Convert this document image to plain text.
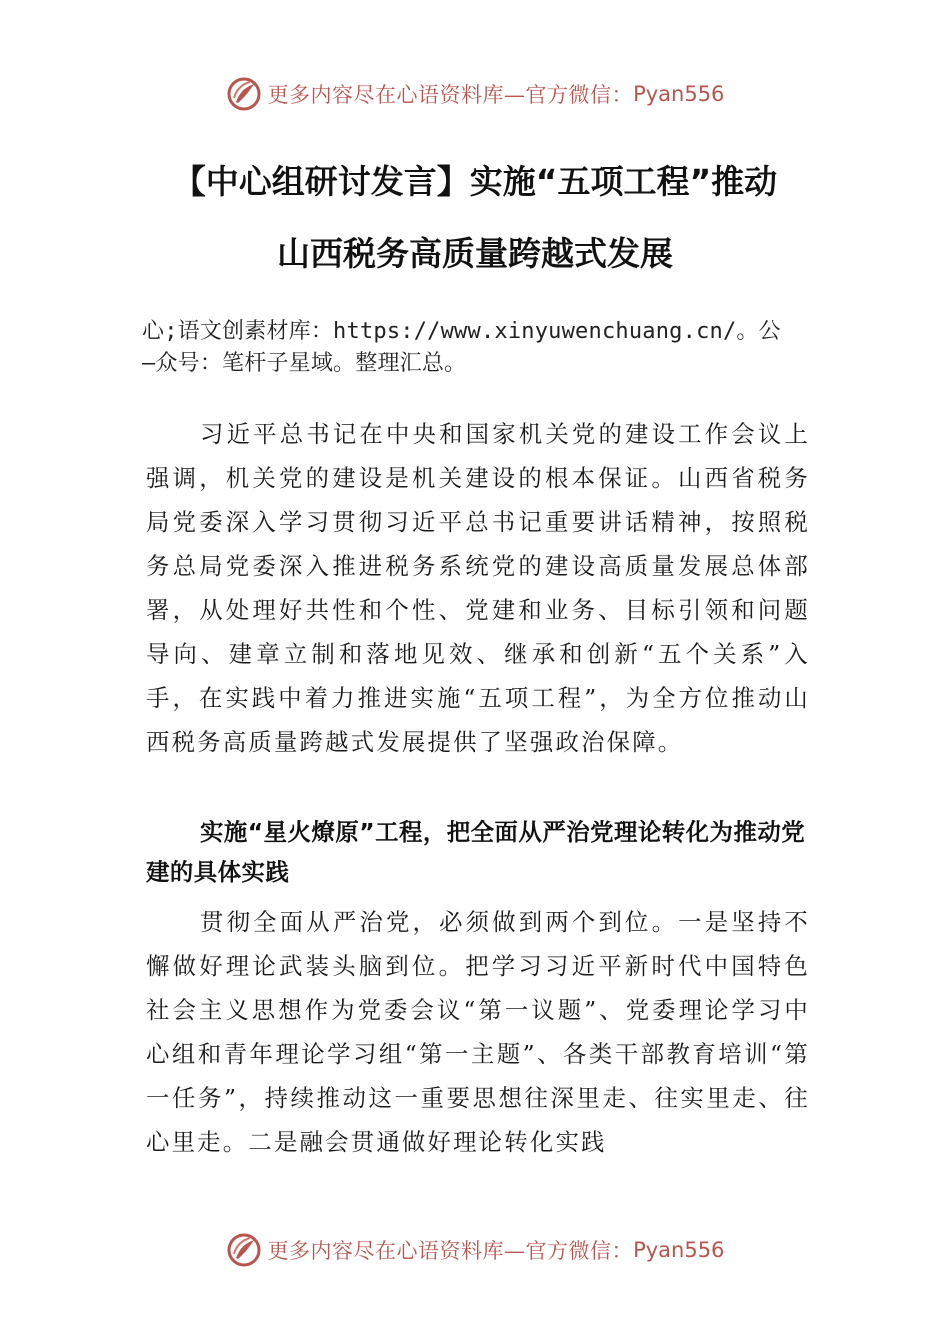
更多内容尽在心语资料库—官方微信： Pyan556
【中心组研讨发言】实施“五项工程”推动
山西税务高质量跨越式发展
心;语文创素材库：https://www.xinyuwenchuang.cn/。公
—众号：笔杆子星域。整理汇总。

习近平总书记在中央和国家机关党的建设工作会议上强调，机关党的建设是机关建设的根本保证。山西省税务局党委深入学习贯彻习近平总书记重要讲话精神，按照税务总局党委深入推进税务系统党的建设高质量发展总体部署，从处理好共性和个性、党建和业务、目标引领和问题导向、建章立制和落地见效、继承和创新“五个关系”入手，在实践中着力推进实施“五项工程”，为全方位推动山西税务高质量跨越式发展提供了坚强政治保障。

实施“星火燎原”工程，把全面从严治党理论转化为推动党建的具体实践

贯彻全面从严治党，必须做到两个到位。一是坚持不懈做好理论武装头脑到位。把学习习近平新时代中国特色社会主义思想作为党委会议“第一议题”、党委理论学习中心组和青年理论学习组“第一主题”、各类干部教育培训“第一任务”，持续推动这一重要思想往深里走、往实里走、往心里走。二是融会贯通做好理论转化实践

更多内容尽在心语资料库—官方微信： Pyan556
